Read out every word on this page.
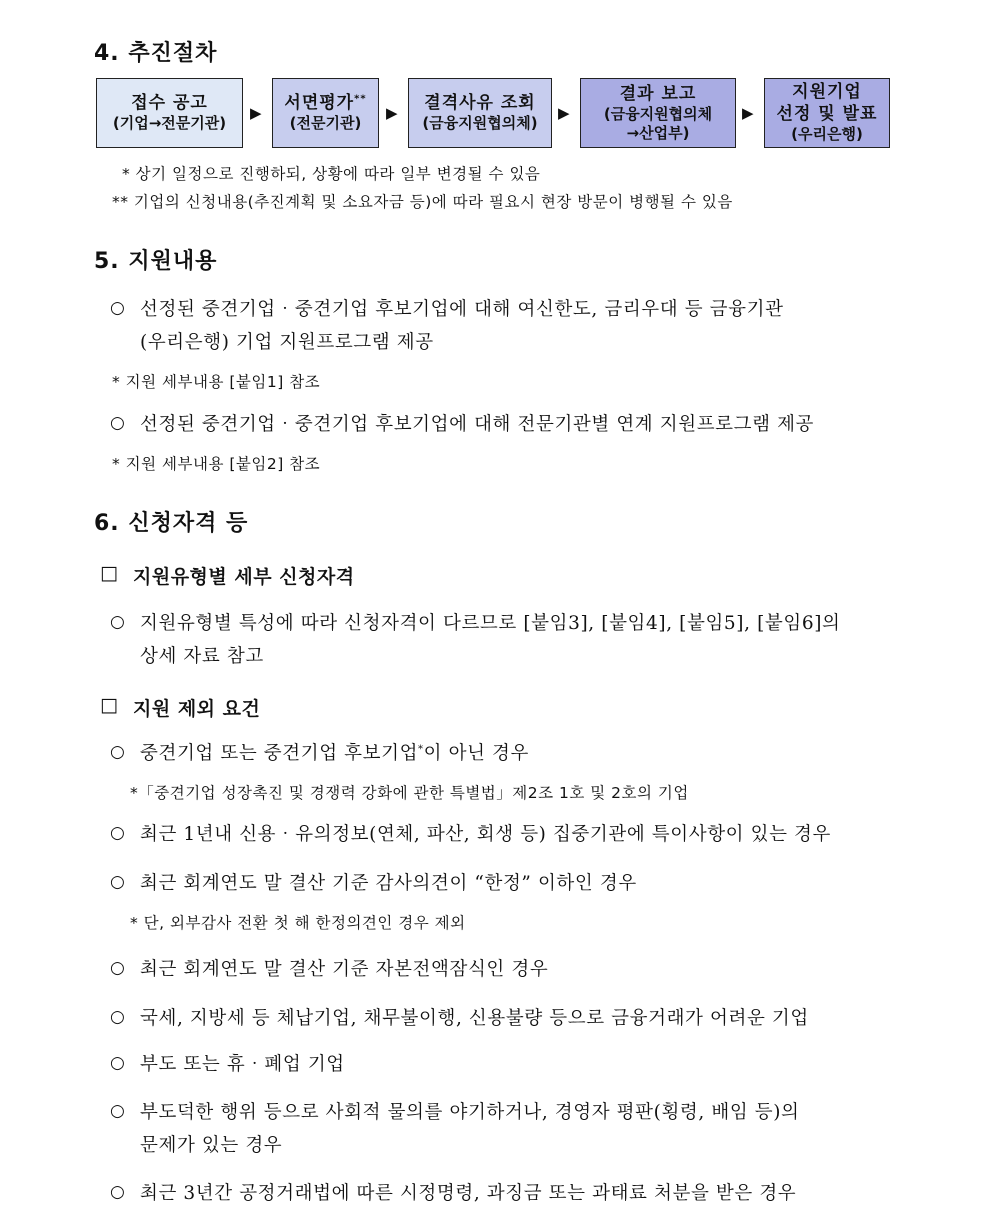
4. 추진절차
접수 공고
(기업→전문기관)
▶ 서면평가**
(전문기관)
▶ 결격사유 조회
(금융지원협의체)
▶
결과 보고
(금융지원협의체
→산업부)
▶
지원기업
선정 및 발표
(우리은행)
* 상기 일정으로 진행하되, 상황에 따라 일부 변경될 수 있음
** 기업의 신청내용(추진계획 및 소요자금 등)에 따라 필요시 현장 방문이 병행될 수 있음
5. 지원내용
○ 선정된 중견기업‧중견기업 후보기업에 대해 여신한도, 금리우대 등 금융기관
(우리은행) 기업 지원프로그램 제공
* 지원 세부내용 [붙임1] 참조
○ 선정된 중견기업‧중견기업 후보기업에 대해 전문기관별 연계 지원프로그램 제공
* 지원 세부내용 [붙임2] 참조
6. 신청자격 등
□ 지원유형별 세부 신청자격
○ 지원유형별 특성에 따라 신청자격이 다르므로 [붙임3], [붙임4], [붙임5], [붙임6]의
상세 자료 참고
□ 지원 제외 요건
○ 중견기업 또는 중견기업 후보기업*이 아닌 경우
*「중견기업 성장촉진 및 경쟁력 강화에 관한 특별법」제2조 1호 및 2호의 기업
○ 최근 1년내 신용‧유의정보(연체, 파산, 회생 등) 집중기관에 특이사항이 있는 경우
○ 최근 회계연도 말 결산 기준 감사의견이 “한정” 이하인 경우
* 단, 외부감사 전환 첫 해 한정의견인 경우 제외
○ 최근 회계연도 말 결산 기준 자본전액잠식인 경우
○ 국세, 지방세 등 체납기업, 채무불이행, 신용불량 등으로 금융거래가 어려운 기업
○ 부도 또는 휴‧폐업 기업
○ 부도덕한 행위 등으로 사회적 물의를 야기하거나, 경영자 평판(횡령, 배임 등)의
문제가 있는 경우
○ 최근 3년간 공정거래법에 따른 시정명령, 과징금 또는 과태료 처분을 받은 경우
